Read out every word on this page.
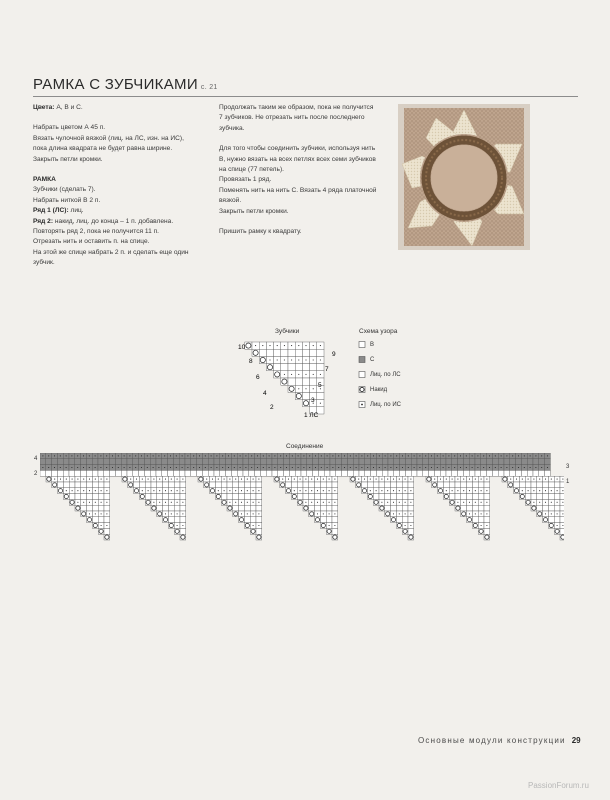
РАМКА С ЗУБЧИКАМИ с. 21

Цвета: А, В и С.

Набрать цветом А 45 п.

Вязать чулочной вязкой (лиц. на ЛС, изн. на ИС),

пока длина квадрата не будет равна ширине.

Закрыть петли кромки.

РАМКА

Зубчики (сделать 7).

Набрать ниткой В 2 п.

Ряд 1 (ЛС): лиц.

Ряд 2: накид, лиц. до конца – 1 п. добавлена.

Повторять ряд 2, пока не получится 11 п.

Отрезать нить и оставить п. на спице.

На этой же спице набрать 2 п. и сделать еще один

зубчик.

Продолжать таким же образом, пока не получится

7 зубчиков. Не отрезать нить после последнего

зубчика.

Для того чтобы соединить зубчики, используя нить

В, нужно вязать на всех петлях всех семи зубчиков

на спице (77 петель).

Провязать 1 ряд.

Поменять нить на нить С. Вязать 4 ряда платочной

вязкой.

Закрыть петли кромки.

Пришить рамку к квадрату.

Зубчики
10
8
6
4
2
9
7
5
3
1 ЛС
Схема узора
В
С
Лиц. по ЛС
Накид
Лиц. по ИС
Соединение
4
2
3
1
Основные модули конструкции 29
PassionForum.ru
